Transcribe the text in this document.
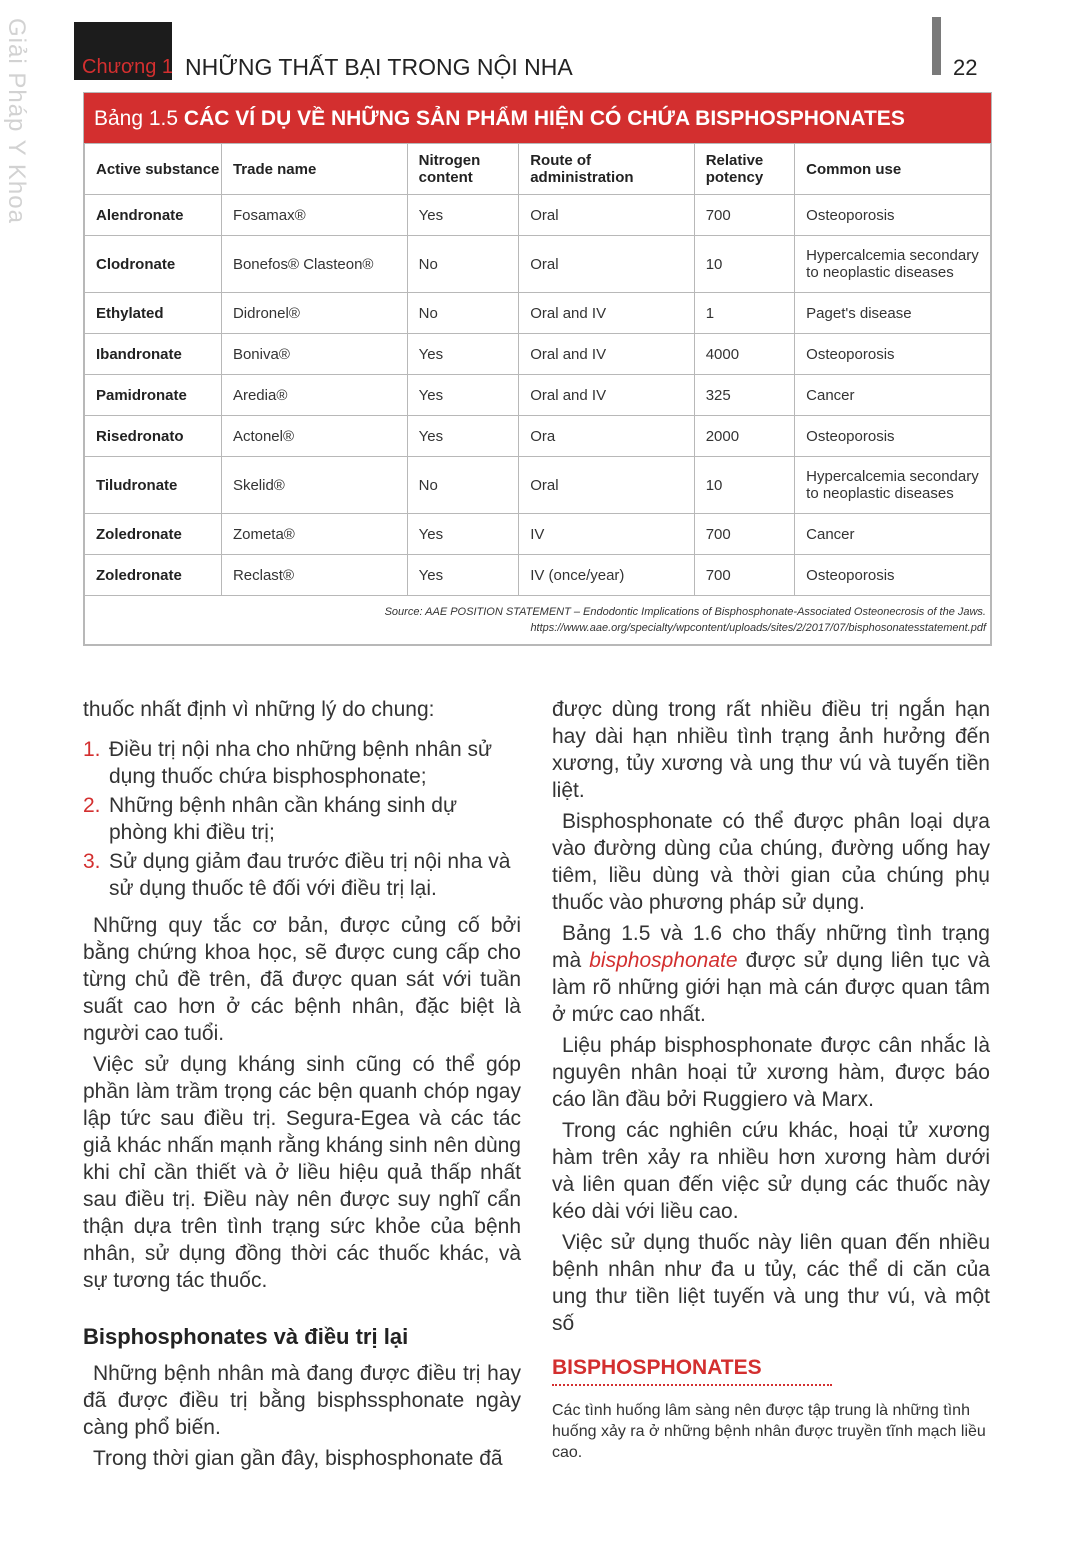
Giải Pháp Y Khoa	Chương 1 NHỮNG THẤT BẠI TRONG NỘI NHA	22
Bảng 1.5 CÁC VÍ DỤ VỀ NHỮNG SẢN PHẨM HIỆN CÓ CHỨA BISPHOSPHONATES
Active substance	Trade name	Nitrogen content	Route of administration	Relative potency	Common use
Alendronate	Fosamax®	Yes	Oral	700	Osteoporosis
Clodronate	Bonefos® Clasteon®	No	Oral	10	Hypercalcemia secondary to neoplastic diseases
Ethylated	Didronel®	No	Oral and IV	1	Paget's disease
Ibandronate	Boniva®	Yes	Oral and IV	4000	Osteoporosis
Pamidronate	Aredia®	Yes	Oral and IV	325	Cancer
Risedronato	Actonel®	Yes	Ora	2000	Osteoporosis
Tiludronate	Skelid®	No	Oral	10	Hypercalcemia secondary to neoplastic diseases
Zoledronate	Zometa®	Yes	IV	700	Cancer
Zoledronate	Reclast®	Yes	IV (once/year)	700	Osteoporosis

Source: AAE POSITION STATEMENT – Endodontic Implications of Bisphosphonate-Associated Osteonecrosis of the Jaws.
https://www.aae.org/specialty/wpcontent/uploads/sites/2/2017/07/bisphosonatesstatement.pdf					

thuốc nhất định vì những lý do chung:

1. Điều trị nội nha cho những bệnh nhân sử dụng thuốc chứa bisphosphonate;
2. Những bệnh nhân cần kháng sinh dự phòng khi điều trị;
3. Sử dụng giảm đau trước điều trị nội nha và sử dụng thuốc tê đối với điều trị lại.

Những quy tắc cơ bản, được củng cố bởi bằng chứng khoa học, sẽ được cung cấp cho từng chủ đề trên, đã được quan sát với tuần suất cao hơn ở các bệnh nhân, đặc biệt là người cao tuổi.

Việc sử dụng kháng sinh cũng có thể góp phần làm trầm trọng các bện quanh chóp ngay lập tức sau điều trị. Segura-Egea và các tác giả khác nhấn mạnh rằng kháng sinh nên dùng khi chỉ cần thiết và ở liều hiệu quả thấp nhất sau điều trị. Điều này nên được suy nghĩ cẩn thận dựa trên tình trạng sức khỏe của bệnh nhân, sử dụng đồng thời các thuốc khác, và sự tương tác thuốc.

Bisphosphonates và điều trị lại

Những bệnh nhân mà đang được điều trị hay đã được điều trị bằng bisphssphonate ngày càng phổ biến.

Trong thời gian gần đây, bisphosphonate đã

được dùng trong rất nhiều điều trị ngắn hạn hay dài hạn nhiều tình trạng ảnh hưởng đến xương, tủy xương và ung thư vú và tuyến tiền liệt.

Bisphosphonate có thể được phân loại dựa vào đường dùng của chúng, đường uống hay tiêm, liều dùng và thời gian của chúng phụ thuốc vào phương pháp sử dụng.

Bảng 1.5 và 1.6 cho thấy những tình trạng mà bisphosphonate được sử dụng liên tục và làm rõ những giới hạn mà cán được quan tâm ở mức cao nhất.

Liệu pháp bisphosphonate được cân nhắc là nguyên nhân hoại tử xương hàm, được báo cáo lần đầu bởi Ruggiero và Marx.

Trong các nghiên cứu khác, hoại tử xương hàm trên xảy ra nhiều hơn xương hàm dưới và liên quan đến việc sử dụng các thuốc này kéo dài với liều cao.

Việc sử dụng thuốc này liên quan đến nhiều bệnh nhân như đa u tủy, các thể di căn của ung thư tiền liệt tuyến và ung thư vú, và một số

BISPHOSPHONATES
Các tình huống lâm sàng nên được tập trung là những tình huống xảy ra ở những bệnh nhân được truyền tĩnh mạch liều cao.
